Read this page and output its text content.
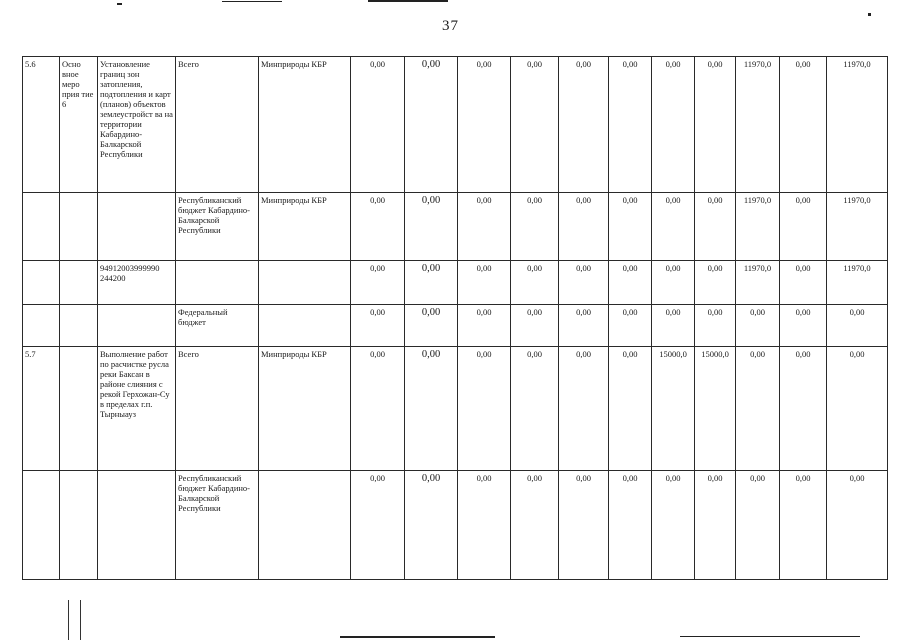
37
5.6	Осно вное меро прия тие 6	Установление границ зон затопления, подтопления и карт (планов) объектов землеустройст ва на территории Кабардино-Балкарской Республики	Всего	Минприроды КБР	0,00	0,00	0,00	0,00	0,00	0,00	0,00	0,00	11970,0	0,00	11970,0

			Республиканский бюджет Кабардино-Балкарской Республики	Минприроды КБР	0,00	0,00	0,00	0,00	0,00	0,00	0,00	0,00	11970,0	0,00	11970,0

		94912003999990 244200			0,00	0,00	0,00	0,00	0,00	0,00	0,00	0,00	11970,0	0,00	11970,0

			Федеральный бюджет		0,00	0,00	0,00	0,00	0,00	0,00	0,00	0,00	0,00	0,00	0,00

5.7		Выполнение работ по расчистке русла реки Баксан в районе слияния с рекой Герхожан-Су в пределах г.п. Тырныауз	Всего	Минприроды КБР	0,00	0,00	0,00	0,00	0,00	0,00	15000,0	15000,0	0,00	0,00	0,00

			Республиканский бюджет Кабардино-Балкарской Республики		0,00	0,00	0,00	0,00	0,00	0,00	0,00	0,00	0,00	0,00	0,00
